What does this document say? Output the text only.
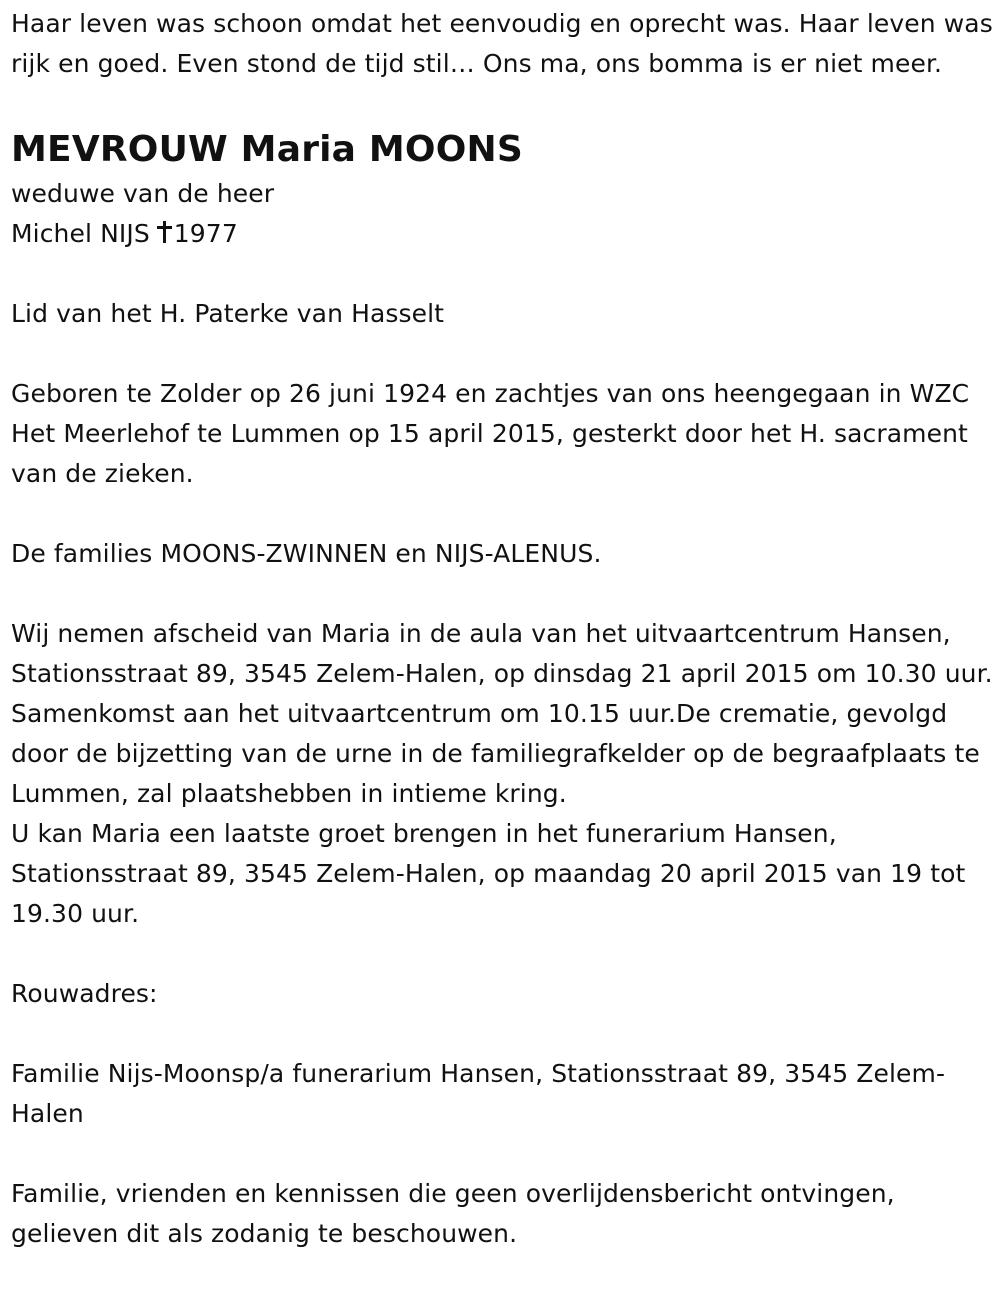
Haar leven was schoon omdat het eenvoudig en oprecht was. Haar leven was rijk en goed. Even stond de tijd stil… Ons ma, ons bomma is er niet meer.

MEVROUW Maria MOONS

weduwe van de heer

Michel NIJS 1977

Lid van het H. Paterke van Hasselt

Geboren te Zolder op 26 juni 1924 en zachtjes van ons heengegaan in WZC Het Meerlehof te Lummen op 15 april 2015, gesterkt door het H. sacrament van de zieken.

De families MOONS-ZWINNEN en NIJS-ALENUS.

Wij nemen afscheid van Maria in de aula van het uitvaartcentrum Hansen, Stationsstraat 89, 3545 Zelem-Halen, op dinsdag 21 april 2015 om 10.30 uur. Samenkomst aan het uitvaartcentrum om 10.15 uur.De crematie, gevolgd door de bijzetting van de urne in de familiegrafkelder op de begraafplaats te Lummen, zal plaatshebben in intieme kring.

U kan Maria een laatste groet brengen in het funerarium Hansen, Stationsstraat 89, 3545 Zelem-Halen, op maandag 20 april 2015 van 19 tot 19.30 uur.

Rouwadres:

Familie Nijs-Moonsp/a funerarium Hansen, Stationsstraat 89, 3545 Zelem-Halen

Familie, vrienden en kennissen die geen overlijdensbericht ontvingen, gelieven dit als zodanig te beschouwen.
